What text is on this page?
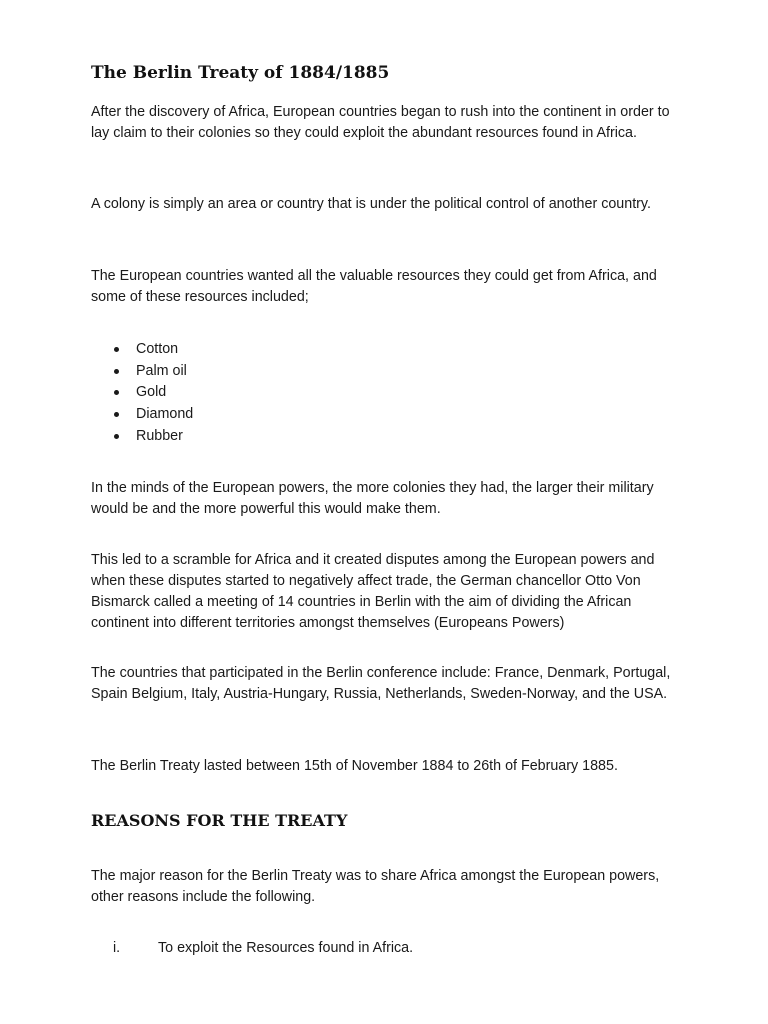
The Berlin Treaty of 1884/1885

After the discovery of Africa, European countries began to rush into the continent in order to lay claim to their colonies so they could exploit the abundant resources found in Africa.

A colony is simply an area or country that is under the political control of another country.

The European countries wanted all the valuable resources they could get from Africa, and some of these resources included;

Cotton
Palm oil
Gold
Diamond
Rubber

In the minds of the European powers, the more colonies they had, the larger their military would be and the more powerful this would make them.

This led to a scramble for Africa and it created disputes among the European powers and when these disputes started to negatively affect trade, the German chancellor Otto Von Bismarck called a meeting of 14 countries in Berlin with the aim of dividing the African continent into different territories amongst themselves (Europeans Powers)

The countries that participated in the Berlin conference include: France, Denmark, Portugal, Spain Belgium, Italy, Austria-Hungary, Russia, Netherlands, Sweden-Norway, and the USA.

The Berlin Treaty lasted between 15th of November 1884 to 26th of February 1885.

REASONS FOR THE TREATY

The major reason for the Berlin Treaty was to share Africa amongst the European powers, other reasons include the following.

i.	To exploit the Resources found in Africa.
